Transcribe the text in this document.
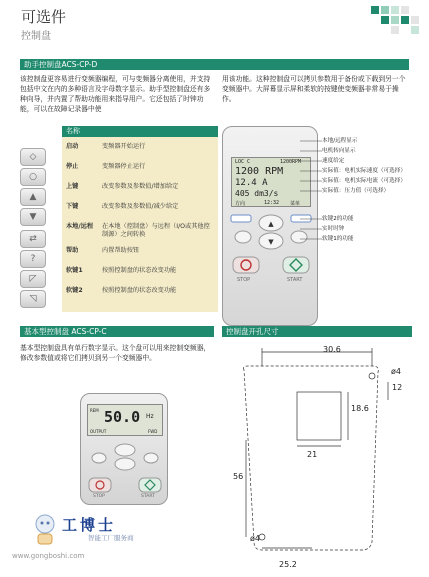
可选件
控制盘
助手控制盘ACS-CP-D
该控制盘更容易进行变频器编程，可与变频器分离使用，并支持包括中文在内的多种语言及字母数字显示。助手型控制盘还有多种向导，并内置了帮助功能用来指导用户。它还包括了时钟功能，可以在故障记录器中使
用该功能。这种控制盘可以拷贝参数用于备份或下载到另一个变频器中。大屏幕显示屏和柔软的按键使变频器非常易于操作。
◇
○
▲
▼
⇄
?
◸
◹
名称
启动	变频器开始运行
停止	变频器停止运行
上键	改变参数及参数值/增加给定
下键	改变参数及参数值/减少给定
本地/远程 在本地（控制盘）与远程（I/O或其他控制源）之间转换
帮助	内置帮助按钮
软键1	按照控制盘的状态改变功能
软键2	按照控制盘的状态改变功能
LOC C	1200RPM
1200 RPM
12.4 A
405 dm3/s
方向	12:32 菜单
▲
▼
STOP	START
本地/远程显示
电机转向显示
速度给定
实际值：电机实际速度（可选择）
实际值：电机实际电流（可选择）
实际值：压力值（可选择）
软键2的功能
实时时钟
软键1的功能
基本型控制盘 ACS-CP-C
基本型控制盘具有单行数字显示。这个盘可以用来控制变频器，修改参数值或将它们拷贝到另一个变频器中。
50.0 Hz
REM
OUTPUT	FWD
STOP	START
控制盘开孔尺寸
30.6
ø4
12
18.6
21
56
ø4
25.2
工博士
智能工厂服务商
www.gongboshi.com
